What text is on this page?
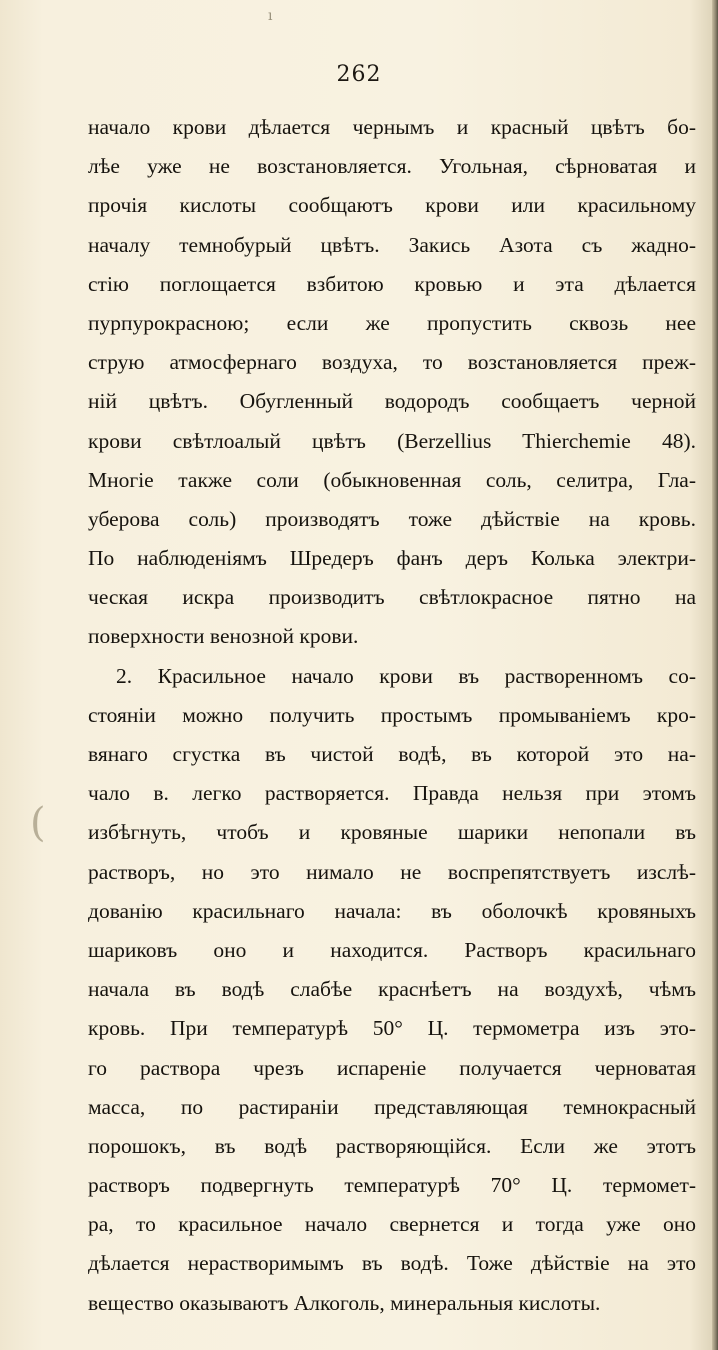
262
начало крови дѣлается чернымъ и красный цвѣтъ бо-
лѣе уже не возстановляется. Угольная, сѣрноватая и
прочія кислоты сообщаютъ крови или красильному
началу темнобурый цвѣтъ. Закись Азота съ жадно-
стію поглощается взбитою кровью и эта дѣлается
пурпурокрасною; если же пропустить сквозь нее
струю атмосфернаго воздуха, то возстановляется преж-
ній цвѣтъ. Обугленный водородъ сообщаетъ черной
крови свѣтлоалый цвѣтъ (Berzellius Thierchemie 48).
Многіе также соли (обыкновенная соль, селитра, Гла-
уберова соль) производятъ тоже дѣйствіе на кровь.
По наблюденіямъ Шредеръ фанъ деръ Колька электри-
ческая искра производитъ свѣтлокрасное пятно на
поверхности венозной крови.
2. Красильное начало крови въ растворенномъ со-
стояніи можно получить простымъ промываніемъ кро-
вянаго сгустка въ чистой водѣ, въ которой это на-
чало в. легко растворяется. Правда нельзя при этомъ
избѣгнуть, чтобъ и кровяные шарики непопали въ
растворъ, но это нимало не воспрепятствуетъ изслѣ-
дованію красильнаго начала: въ оболочкѣ кровяныхъ
шариковъ оно и находится. Растворъ красильнаго
начала въ водѣ слабѣе краснѣетъ на воздухѣ, чѣмъ
кровь. При температурѣ 50° Ц. термометра изъ это-
го раствора чрезъ испареніе получается черноватая
масса, по растираніи представляющая темнокрасный
порошокъ, въ водѣ растворяющійся. Если же этотъ
растворъ подвергнуть температурѣ 70° Ц. термомет-
ра, то красильное начало свернется и тогда уже оно
дѣлается нерастворимымъ въ водѣ. Тоже дѣйствіе на это
вещество оказываютъ Алкоголь, минеральныя кислоты.
ı
(
